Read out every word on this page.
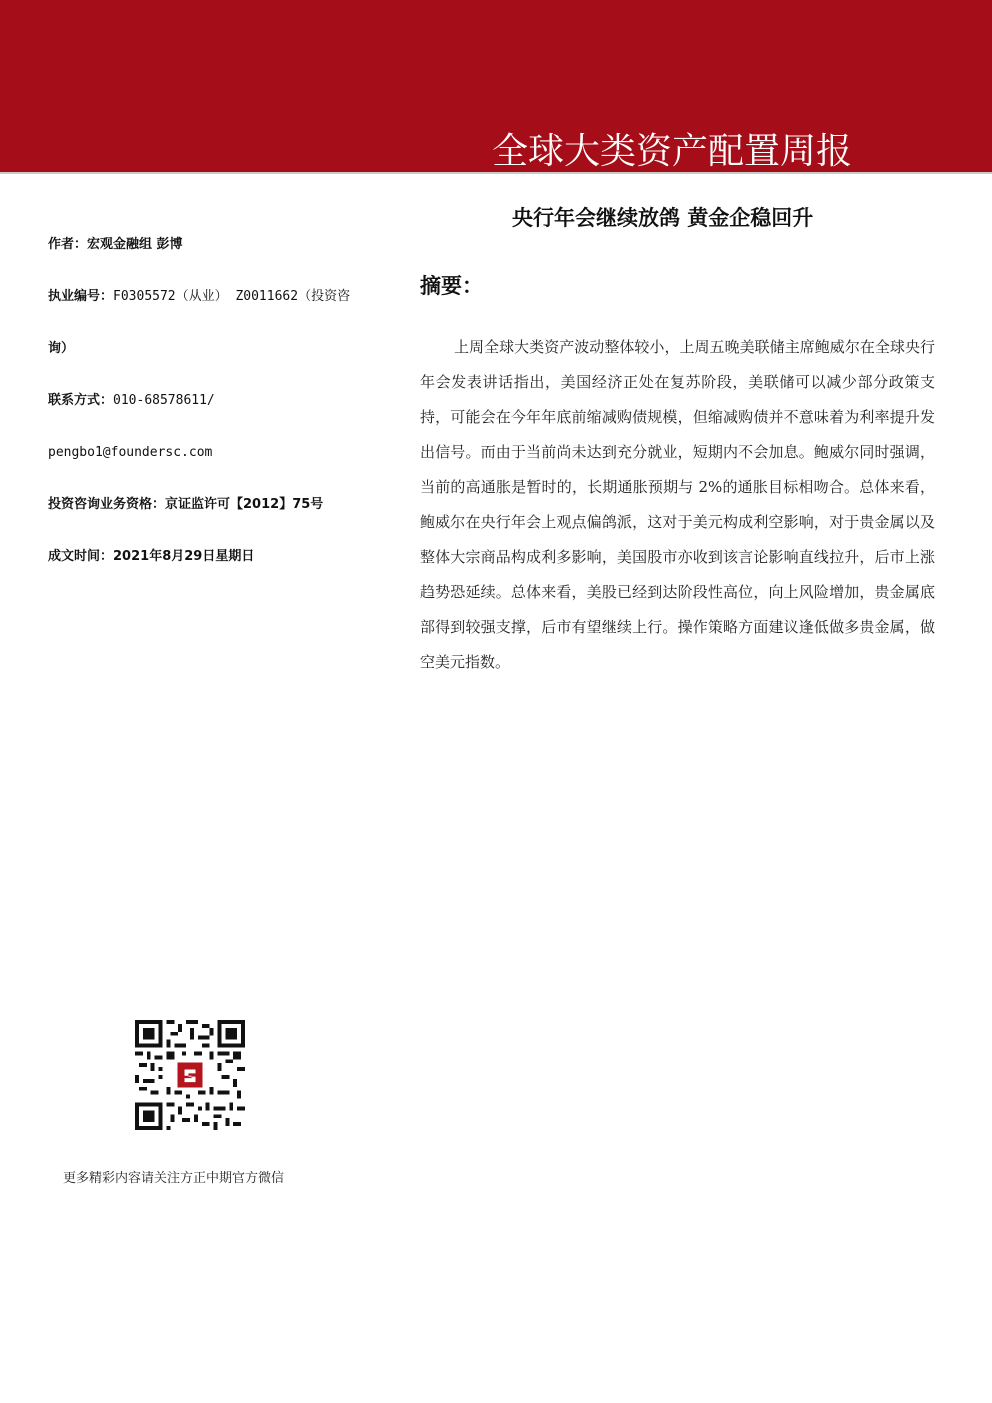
全球大类资产配置周报
央行年会继续放鸽 黄金企稳回升
作者：宏观金融组 彭博
执业编号：F0305572（从业） Z0011662（投资咨
询）
联系方式：010-68578611/
pengbo1@foundersc.com
投资咨询业务资格：京证监许可【2012】75号
成文时间：2021年8月29日星期日
摘要：

上周全球大类资产波动整体较小，上周五晚美联储主席鲍威尔在全球央行年会发表讲话指出，美国经济正处在复苏阶段，美联储可以减少部分政策支持，可能会在今年年底前缩减购债规模，但缩减购债并不意味着为利率提升发出信号。而由于当前尚未达到充分就业，短期内不会加息。鲍威尔同时强调，当前的高通胀是暂时的，长期通胀预期与 2%的通胀目标相吻合。总体来看，鲍威尔在央行年会上观点偏鸽派，这对于美元构成利空影响，对于贵金属以及整体大宗商品构成利多影响，美国股市亦收到该言论影响直线拉升，后市上涨趋势恐延续。总体来看，美股已经到达阶段性高位，向上风险增加，贵金属底部得到较强支撑，后市有望继续上行。操作策略方面建议逢低做多贵金属，做空美元指数。

更多精彩内容请关注方正中期官方微信
